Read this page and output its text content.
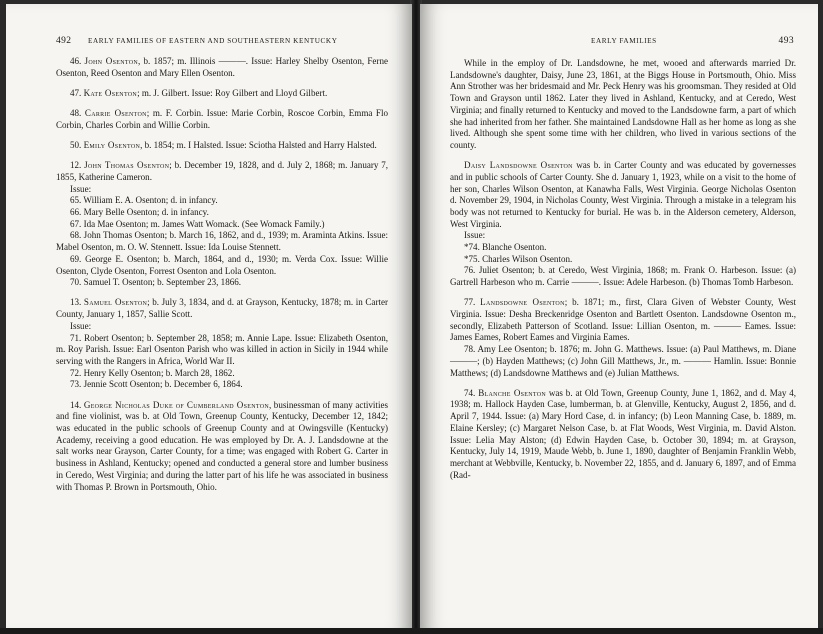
492 EARLY FAMILIES OF EASTERN AND SOUTHEASTERN KENTUCKY

46. John Osenton, b. 1857; m. Illinois ———. Issue: Harley Shelby Osenton, Ferne Osenton, Reed Osenton and Mary Ellen Osenton.

47. Kate Osenton; m. J. Gilbert. Issue: Roy Gilbert and Lloyd Gilbert.

48. Carrie Osenton; m. F. Corbin. Issue: Marie Corbin, Roscoe Corbin, Emma Flo Corbin, Charles Corbin and Willie Corbin.

50. Emily Osenton, b. 1854; m. I Halsted. Issue: Sciotha Halsted and Harry Halsted.

12. John Thomas Osenton; b. December 19, 1828, and d. July 2, 1868; m. January 7, 1855, Katherine Cameron.

Issue:

65. William E. A. Osenton; d. in infancy.

66. Mary Belle Osenton; d. in infancy.

67. Ida Mae Osenton; m. James Watt Womack. (See Womack Family.)

68. John Thomas Osenton; b. March 16, 1862, and d., 1939; m. Araminta Atkins. Issue: Mabel Osenton, m. O. W. Stennett. Issue: Ida Louise Stennett.

69. George E. Osenton; b. March, 1864, and d., 1930; m. Verda Cox. Issue: Willie Osenton, Clyde Osenton, Forrest Osenton and Lola Osenton.

70. Samuel T. Osenton; b. September 23, 1866.

13. Samuel Osenton; b. July 3, 1834, and d. at Grayson, Kentucky, 1878; m. in Carter County, January 1, 1857, Sallie Scott.

Issue:

71. Robert Osenton; b. September 28, 1858; m. Annie Lape. Issue: Elizabeth Osenton, m. Roy Parish. Issue: Earl Osenton Parish who was killed in action in Sicily in 1944 while serving with the Rangers in Africa, World War II.

72. Henry Kelly Osenton; b. March 28, 1862.

73. Jennie Scott Osenton; b. December 6, 1864.

14. George Nicholas Duke of Cumberland Osenton, businessman of many activities and fine violinist, was b. at Old Town, Greenup County, Kentucky, December 12, 1842; was educated in the public schools of Greenup County and at Owingsville (Kentucky) Academy, receiving a good education. He was employed by Dr. A. J. Landsdowne at the salt works near Grayson, Carter County, for a time; was engaged with Robert G. Carter in business in Ashland, Kentucky; opened and conducted a general store and lumber business in Ceredo, West Virginia; and during the latter part of his life he was associated in business with Thomas P. Brown in Portsmouth, Ohio.

EARLY FAMILIES	493

While in the employ of Dr. Landsdowne, he met, wooed and afterwards married Dr. Landsdowne's daughter, Daisy, June 23, 1861, at the Biggs House in Portsmouth, Ohio. Miss Ann Strother was her bridesmaid and Mr. Peck Henry was his groomsman. They resided at Old Town and Grayson until 1862. Later they lived in Ashland, Kentucky, and at Ceredo, West Virginia; and finally returned to Kentucky and moved to the Landsdowne farm, a part of which she had inherited from her father. She maintained Landsdowne Hall as her home as long as she lived. Although she spent some time with her children, who lived in various sections of the county.

Daisy Landsdowne Osenton was b. in Carter County and was educated by governesses and in public schools of Carter County. She d. January 1, 1923, while on a visit to the home of her son, Charles Wilson Osenton, at Kanawha Falls, West Virginia. George Nicholas Osenton d. November 29, 1904, in Nicholas County, West Virginia. Through a mistake in a telegram his body was not returned to Kentucky for burial. He was b. in the Alderson cemetery, Alderson, West Virginia.

Issue:

*74. Blanche Osenton.

*75. Charles Wilson Osenton.

76. Juliet Osenton; b. at Ceredo, West Virginia, 1868; m. Frank O. Harbeson. Issue: (a) Gartrell Harbeson who m. Carrie ———. Issue: Adele Harbeson. (b) Thomas Tomb Harbeson.

77. Landsdowne Osenton; b. 1871; m., first, Clara Given of Webster County, West Virginia. Issue: Desha Breckenridge Osenton and Bartlett Osenton. Landsdowne Osenton m., secondly, Elizabeth Patterson of Scotland. Issue: Lillian Osenton, m. ——— Eames. Issue: James Eames, Robert Eames and Virginia Eames.

78. Amy Lee Osenton; b. 1876; m. John G. Matthews. Issue: (a) Paul Matthews, m. Diane ———; (b) Hayden Matthews; (c) John Gill Matthews, Jr., m. ——— Hamlin. Issue: Bonnie Matthews; (d) Landsdowne Matthews and (e) Julian Matthews.

74. Blanche Osenton was b. at Old Town, Greenup County, June 1, 1862, and d. May 4, 1938; m. Hallock Hayden Case, lumberman, b. at Glenville, Kentucky, August 2, 1856, and d. April 7, 1944. Issue: (a) Mary Hord Case, d. in infancy; (b) Leon Manning Case, b. 1889, m. Elaine Kersley; (c) Margaret Nelson Case, b. at Flat Woods, West Virginia, m. David Alston. Issue: Lelia May Alston; (d) Edwin Hayden Case, b. October 30, 1894; m. at Grayson, Kentucky, July 14, 1919, Maude Webb, b. June 1, 1890, daughter of Benjamin Franklin Webb, merchant at Webbville, Kentucky, b. November 22, 1855, and d. January 6, 1897, and of Emma (Rad-
